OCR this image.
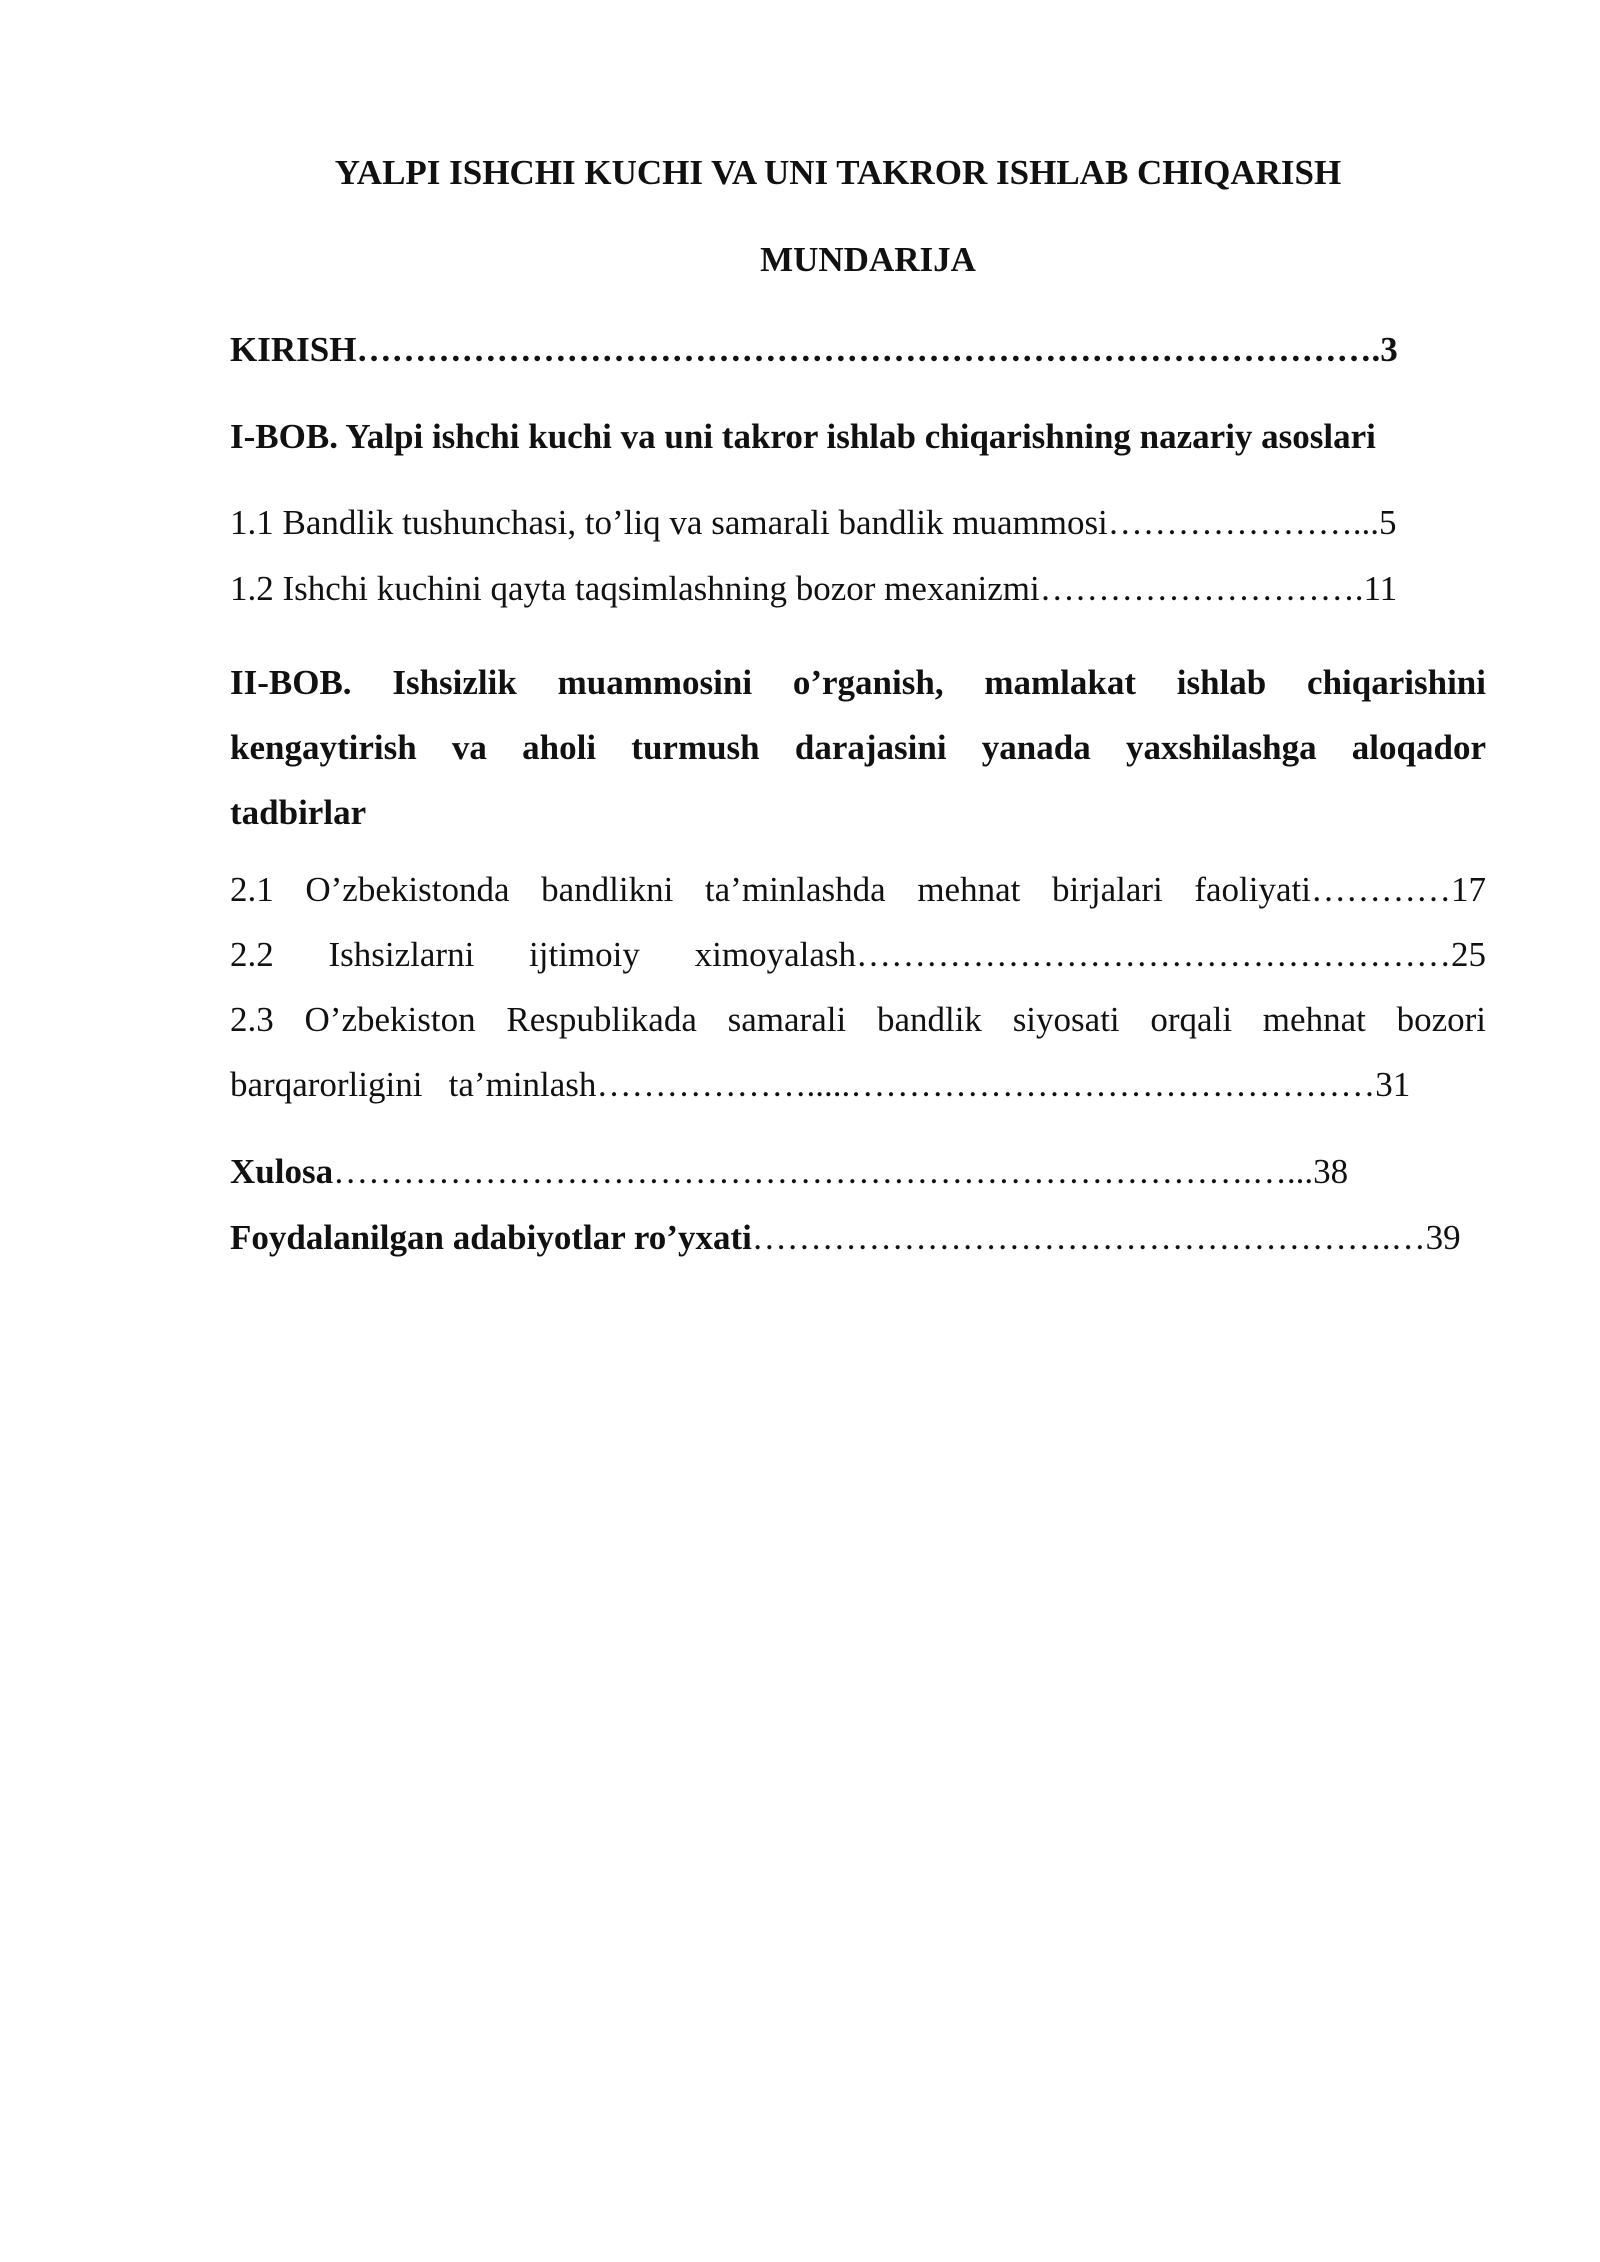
YALPI ISHCHI KUCHI VA UNI TAKROR ISHLAB CHIQARISH
MUNDARIJA
KIRISH ……………………………………………………………………………. 3
I-BOB. Yalpi ishchi kuchi va uni takror ishlab chiqarishning nazariy asoslari
1.1 Bandlik tushunchasi, to’liq va samarali bandlik muammosi …………………... 5
1.2 Ishchi kuchini qayta taqsimlashning bozor mexanizmi ………………………. 11
II-BOB. Ishsizlik muammosini o’rganish, mamlakat ishlab chiqarishini
kengaytirish va aholi turmush darajasini yanada yaxshilashga aloqador
tadbirlar
2.1 O’zbekistonda bandlikni ta’minlashda mehnat birjalari faoliyati…………17
2.2 Ishsizlarni ijtimoiy ximoyalash……………………………………………25
2.3 O’zbekiston Respublikada samarali bandlik siyosati orqali mehnat bozori
barqarorligini   ta’minlash ……………….....……………………………………… 31
Xulosa …………………………………………………………………….…... 38
Foydalanilgan adabiyotlar ro’yxati ……………………………………………….… 39
